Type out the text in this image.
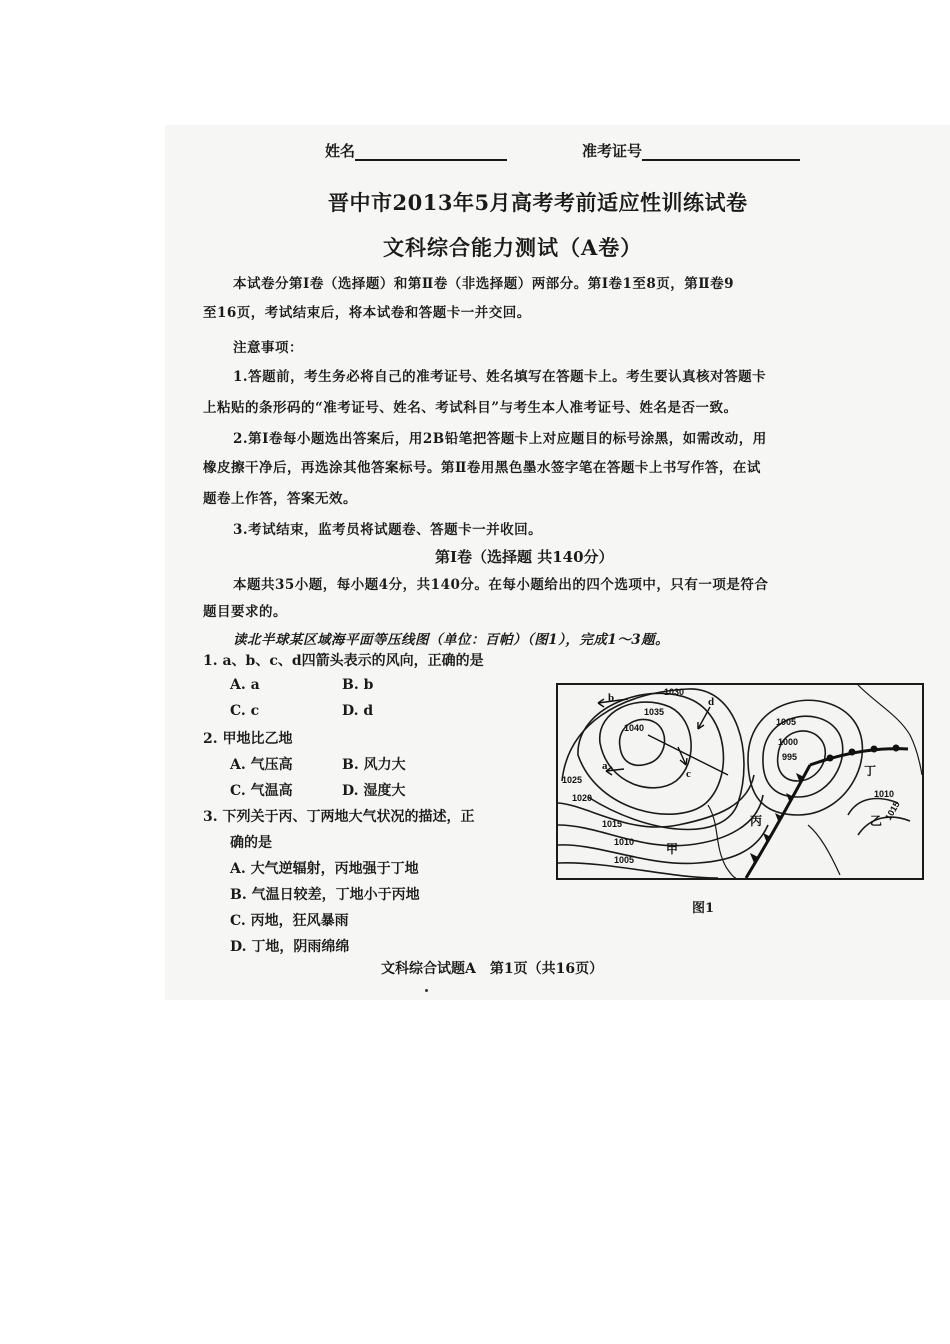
姓名	准考证号
晋中市2013年5月高考考前适应性训练试卷
文科综合能力测试（A卷）
本试卷分第Ⅰ卷（选择题）和第Ⅱ卷（非选择题）两部分。第Ⅰ卷1至8页，第Ⅱ卷9
至16页，考试结束后，将本试卷和答题卡一并交回。
注意事项：
1.答题前，考生务必将自己的准考证号、姓名填写在答题卡上。考生要认真核对答题卡
上粘贴的条形码的“准考证号、姓名、考试科目”与考生本人准考证号、姓名是否一致。
2.第Ⅰ卷每小题选出答案后，用2B铅笔把答题卡上对应题目的标号涂黑，如需改动，用
橡皮擦干净后，再选涂其他答案标号。第Ⅱ卷用黑色墨水签字笔在答题卡上书写作答，在试
题卷上作答，答案无效。
3.考试结束，监考员将试题卷、答题卡一并收回。
第Ⅰ卷（选择题 共140分）
本题共35小题，每小题4分，共140分。在每小题给出的四个选项中，只有一项是符合
题目要求的。
读北半球某区域海平面等压线图（单位：百帕）（图1），完成1～3题。
1. a、b、c、d四箭头表示的风向，正确的是
A. a	B. b
C. c	D. d
2. 甲地比乙地
A. 气压高	B. 风力大
C. 气温高	D. 湿度大
3. 下列关于丙、丁两地大气状况的描述，正
确的是
A. 大气逆辐射，丙地强于丁地
B. 气温日较差，丁地小于丙地
C. 丙地，狂风暴雨
D. 丁地，阴雨绵绵
b	d
a
c
甲
乙
丙
丁
1030
1035
1040
1025
1020
1015
1010
1005
1005
1000
995
1010
1015
图1
文科综合试题A　第1页（共16页）
